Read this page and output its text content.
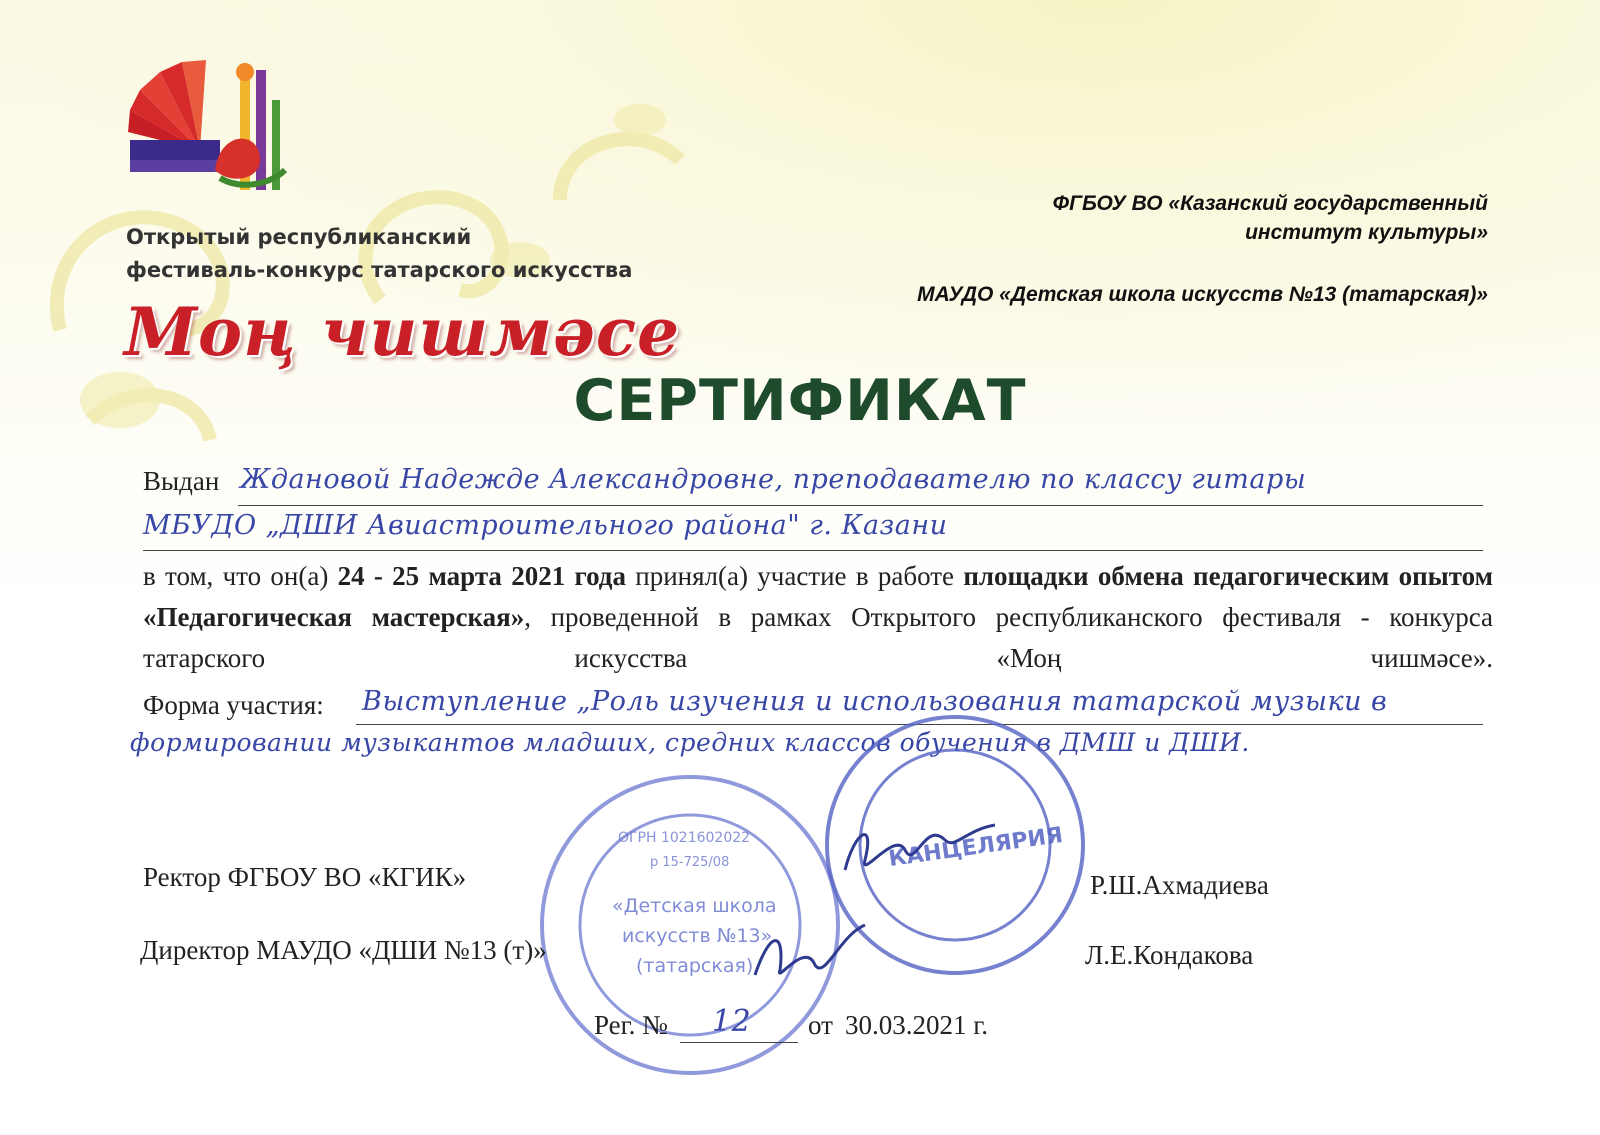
Открытый республиканский
фестиваль-конкурс татарского искусства
Моң чишмәсе
ФГБОУ ВО «Казанский государственный
институт культуры»
МАУДО «Детская школа искусств №13 (татарская)»
СЕРТИФИКАТ
Выдан Ждановой Надежде Александровне, преподавателю по классу гитары
МБУДО „ДШИ Авиастроительного района" г. Казани
в том, что он(а) 24 - 25 марта 2021 года принял(а) участие в работе площадки обмена педагогическим опытом «Педагогическая мастерская», проведенной в рамках Открытого республиканского фестиваля - конкурса татарского искусства «Моң чишмәсе».
Форма участия: Выступление „Роль изучения и использования татарской музыки в
формировании музыкантов младших, средних классов обучения в ДМШ и ДШИ.
«Детская школа
искусств №13»
(татарская)
ОГРН 1021602022
р 15-725/08	КАНЦЕЛЯРИЯ
Ректор ФГБОУ ВО «КГИК»	Р.Ш.Ахмадиева
Директор МАУДО «ДШИ №13 (т)»	Л.Е.Кондакова
Рег. № 12 от 30.03.2021 г.
